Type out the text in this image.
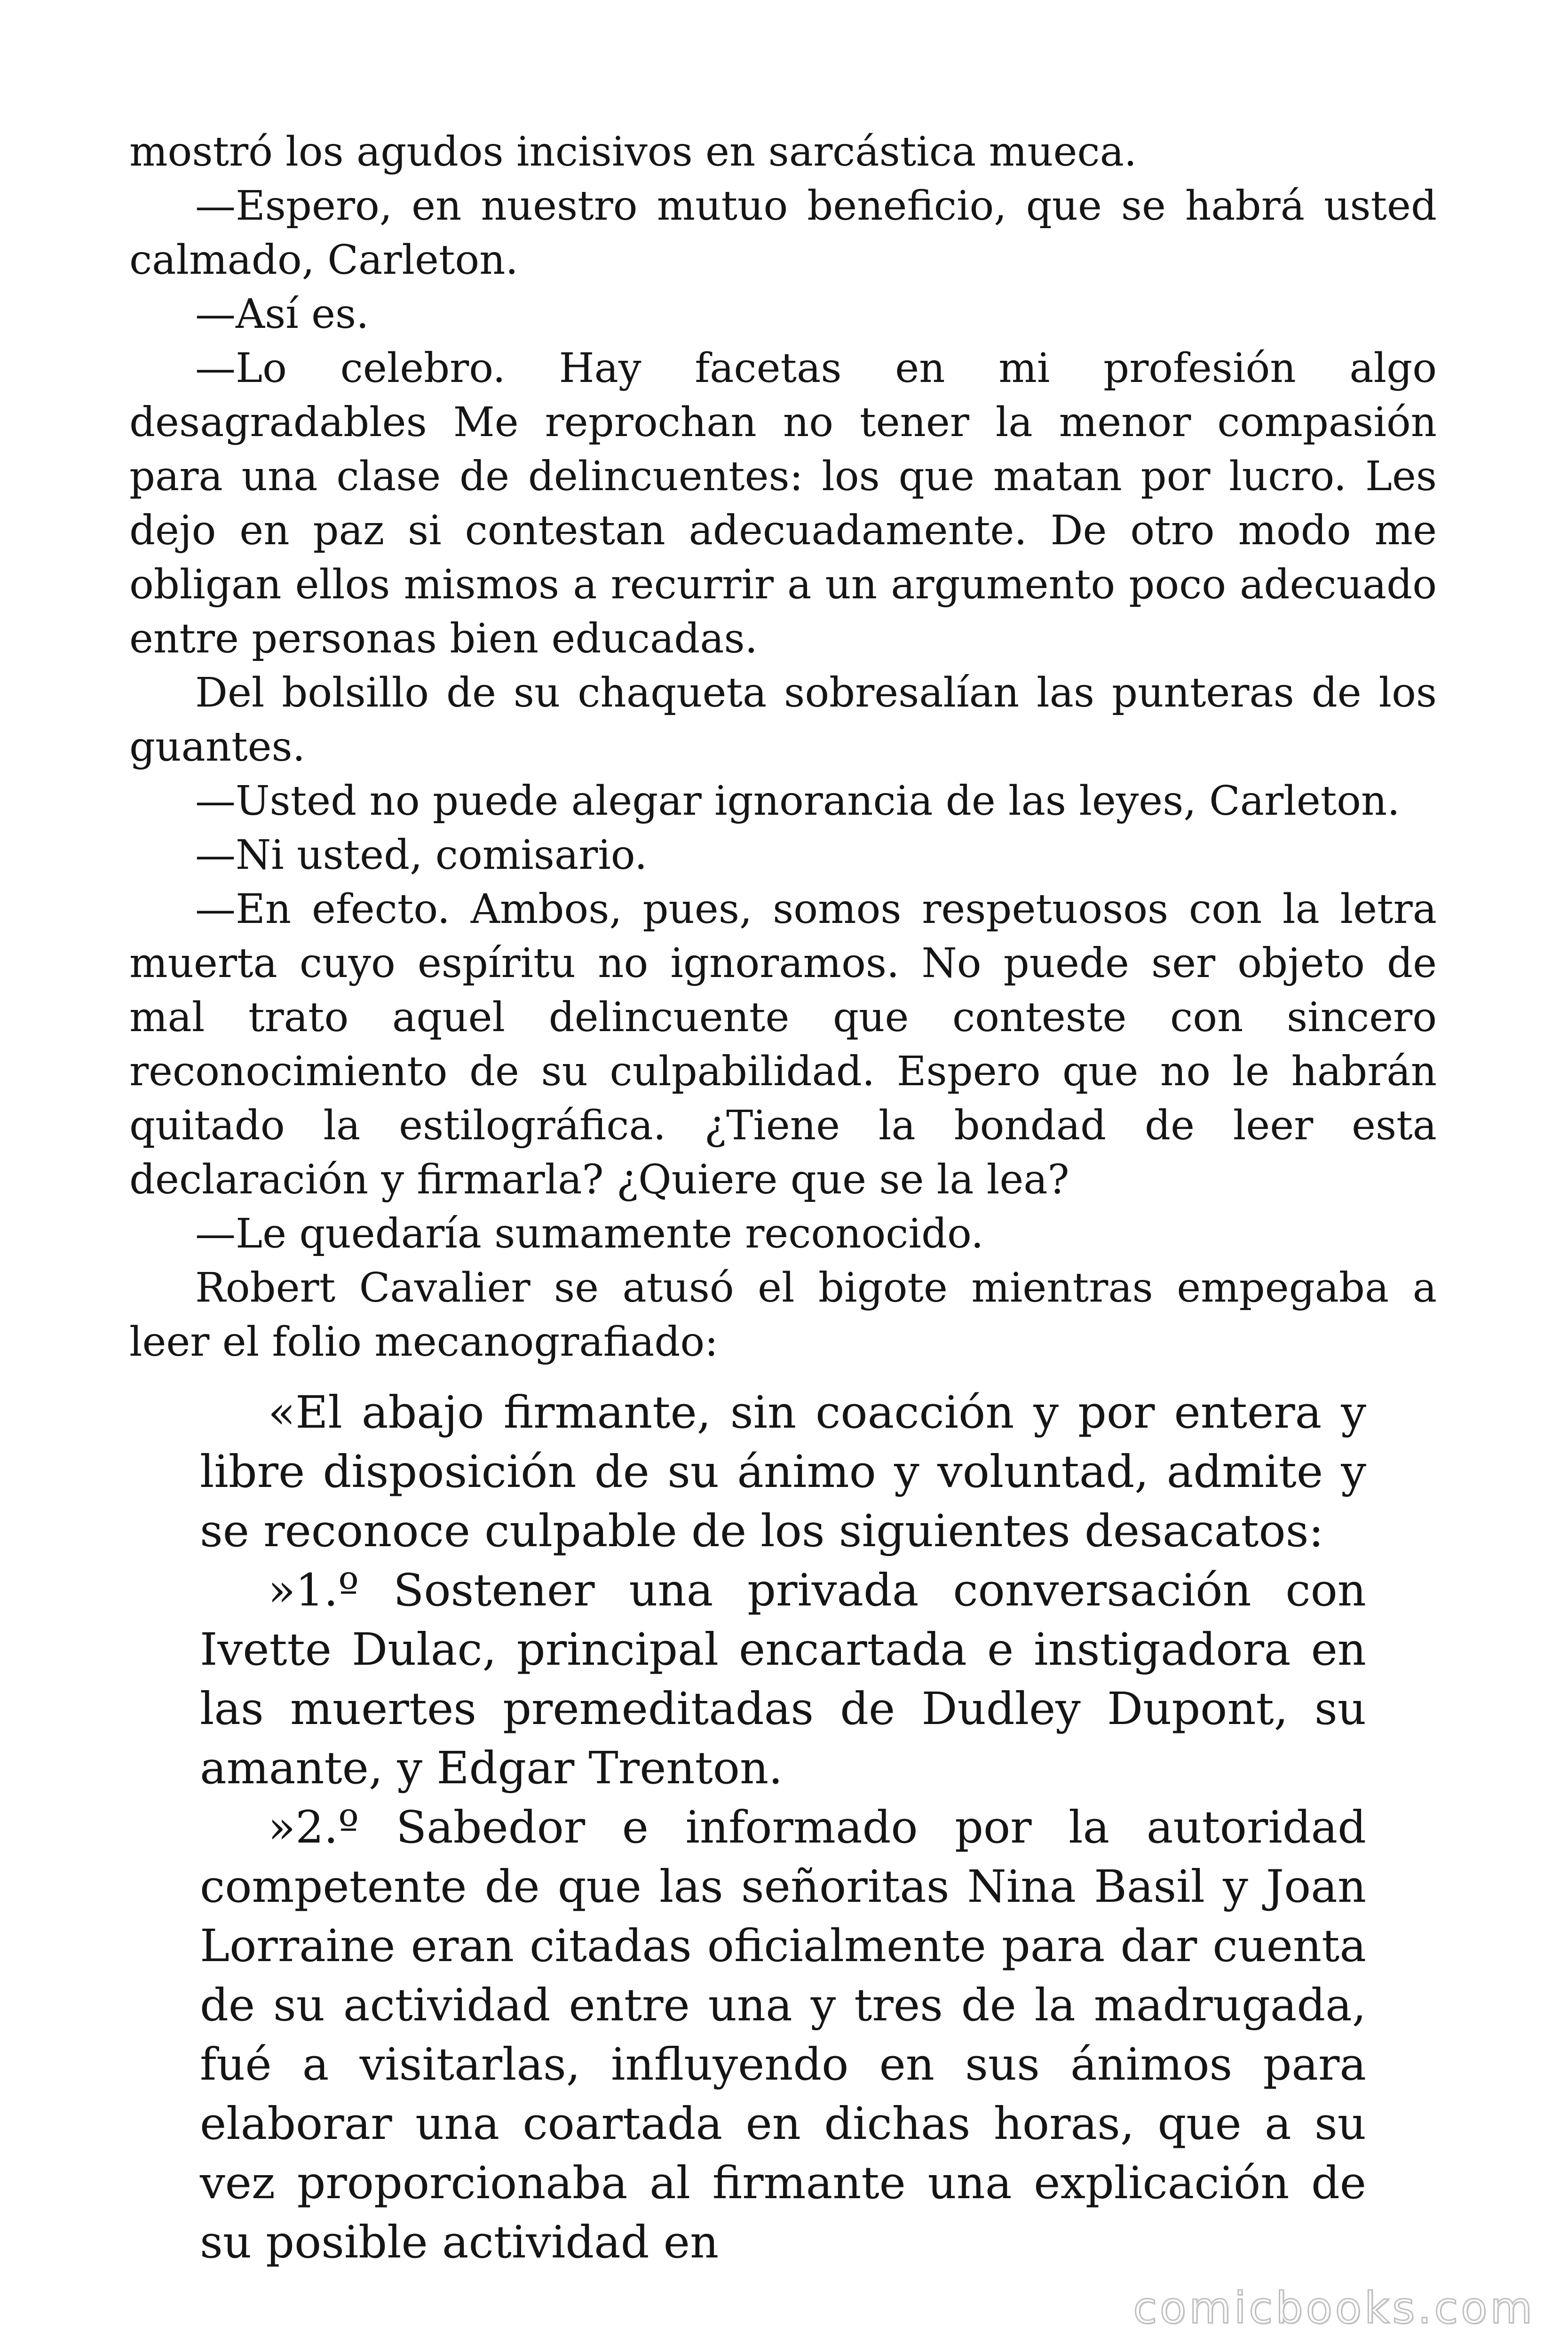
mostró los agudos incisivos en sarcástica mueca.

—Espero, en nuestro mutuo beneficio, que se habrá usted calmado, Carleton.

—Así es.

—Lo celebro. Hay facetas en mi profesión algo desagradables Me reprochan no tener la menor compasión para una clase de delincuentes: los que matan por lucro. Les dejo en paz si contestan adecuadamente. De otro modo me obligan ellos mismos a recurrir a un argumento poco adecuado entre personas bien educadas.

Del bolsillo de su chaqueta sobresalían las punteras de los guantes.

—Usted no puede alegar ignorancia de las leyes, Carleton.

—Ni usted, comisario.

—En efecto. Ambos, pues, somos respetuosos con la letra muerta cuyo espíritu no ignoramos. No puede ser objeto de mal trato aquel delincuente que conteste con sincero reconocimiento de su culpabilidad. Espero que no le habrán quitado la estilográfica. ¿Tiene la bondad de leer esta declaración y firmarla? ¿Quiere que se la lea?

—Le quedaría sumamente reconocido.

Robert Cavalier se atusó el bigote mientras empegaba a leer el folio mecanografiado:

«El abajo firmante, sin coacción y por entera y libre disposición de su ánimo y voluntad, admite y se reconoce culpable de los siguientes desacatos:

»1.º Sostener una privada conversación con Ivette Dulac, principal encartada e instigadora en las muertes premeditadas de Dudley Dupont, su amante, y Edgar Trenton.

»2.º Sabedor e informado por la autoridad competente de que las señoritas Nina Basil y Joan Lorraine eran citadas oficialmente para dar cuenta de su actividad entre una y tres de la madrugada, fué a visitarlas, influyendo en sus ánimos para elaborar una coartada en dichas horas, que a su vez proporcionaba al firmante una explicación de su posible actividad en

comicbooks.com
